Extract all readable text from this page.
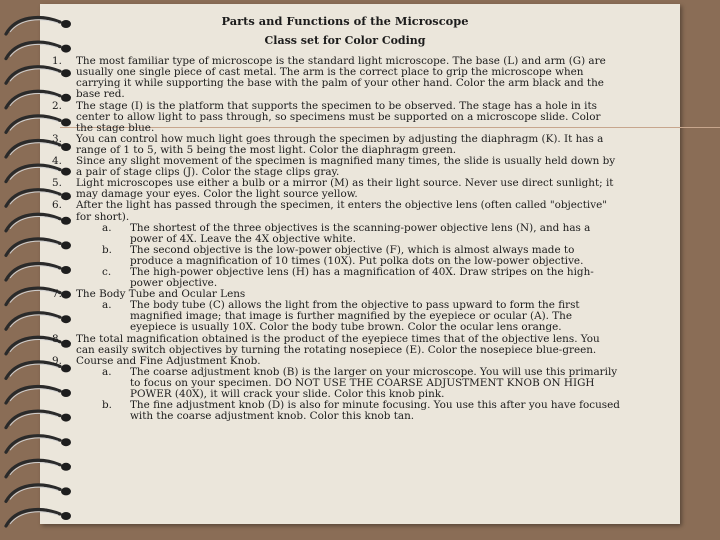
Parts and Functions of the Microscope
Class set for Color Coding
1. The most familiar type of microscope is the standard light microscope. The base (L) and arm (G) are usually one single piece of cast metal. The arm is the correct place to grip the microscope when carrying it while supporting the base with the palm of your other hand. Color the arm black and the base red.
2. The stage (I) is the platform that supports the specimen to be observed. The stage has a hole in its center to allow light to pass through, so specimens must be supported on a microscope slide. Color the stage blue.
3. You can control how much light goes through the specimen by adjusting the diaphragm (K). It has a range of 1 to 5, with 5 being the most light. Color the diaphragm green.
4. Since any slight movement of the specimen is magnified many times, the slide is usually held down by a pair of stage clips (J). Color the stage clips gray.
5. Light microscopes use either a bulb or a mirror (M) as their light source. Never use direct sunlight; it may damage your eyes. Color the light source yellow.
6. After the light has passed through the specimen, it enters the objective lens (often called "objective" for short).
a. The shortest of the three objectives is the scanning-power objective lens (N), and has a power of 4X. Leave the 4X objective white.
b. The second objective is the low-power objective (F), which is almost always made to produce a magnification of 10 times (10X). Put polka dots on the low-power objective.
c. The high-power objective lens (H) has a magnification of 40X. Draw stripes on the high-power objective.
7. The Body Tube and Ocular Lens
a. The body tube (C) allows the light from the objective to pass upward to form the first magnified image; that image is further magnified by the eyepiece or ocular (A). The eyepiece is usually 10X. Color the body tube brown. Color the ocular lens orange.
8. The total magnification obtained is the product of the eyepiece times that of the objective lens. You can easily switch objectives by turning the rotating nosepiece (E). Color the nosepiece blue-green.
9. Course and Fine Adjustment Knob.
a. The coarse adjustment knob (B) is the larger on your microscope. You will use this primarily to focus on your specimen. DO NOT USE THE COARSE ADJUSTMENT KNOB ON HIGH POWER (40X), it will crack your slide. Color this knob pink.
b. The fine adjustment knob (D) is also for minute focusing. You use this after you have focused with the coarse adjustment knob. Color this knob tan.
